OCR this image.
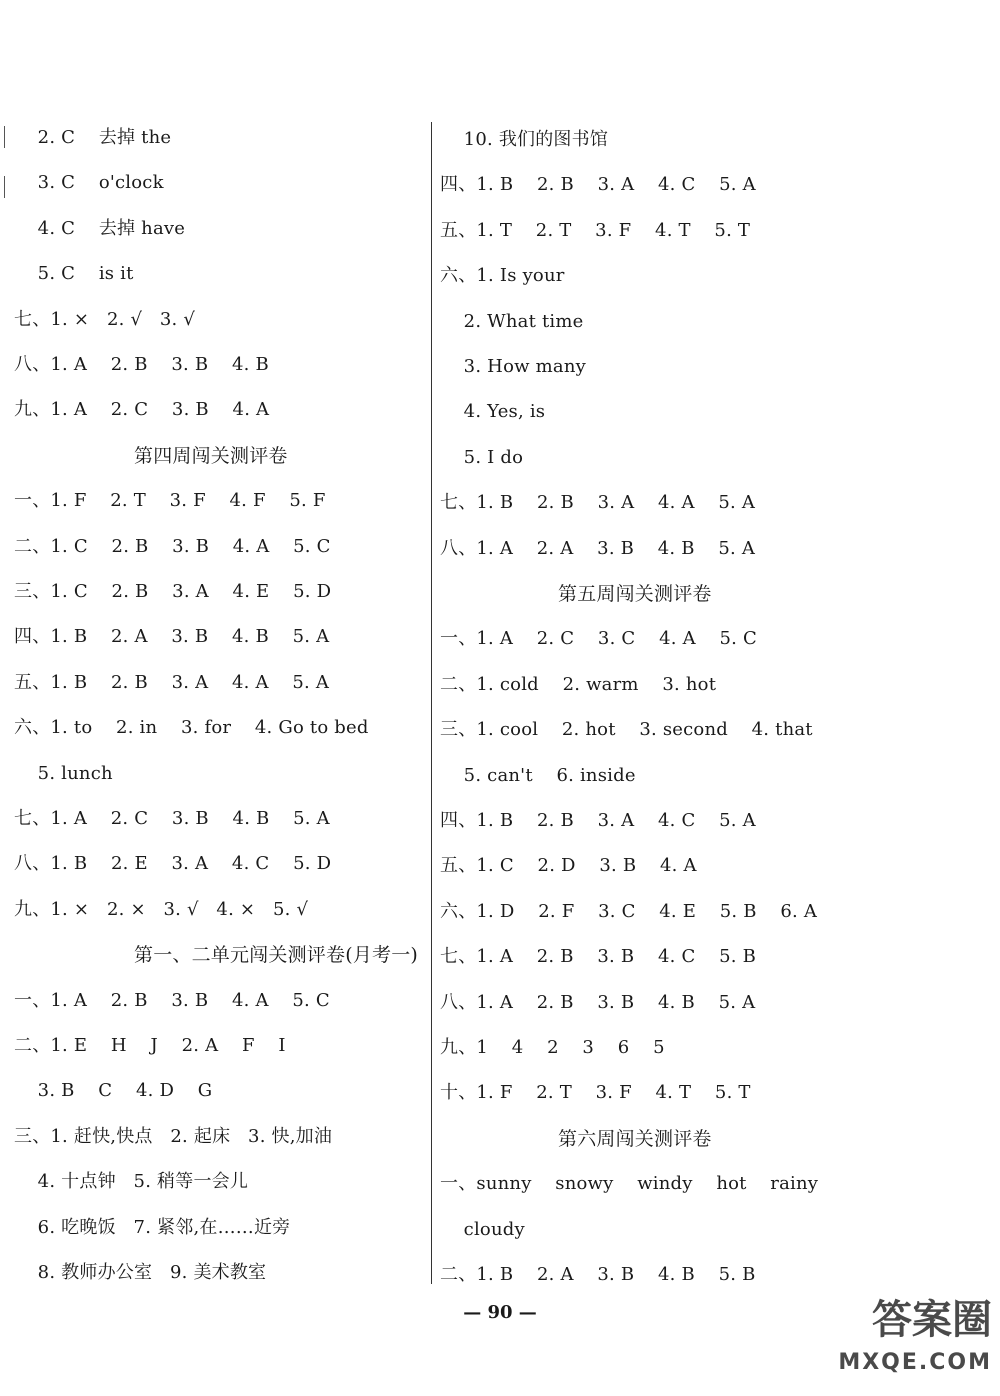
2. C    去掉 the
3. C    o'clock
4. C    去掉 have
5. C    is it
七、1. ×   2. √   3. √
八、1. A    2. B    3. B    4. B
九、1. A    2. C    3. B    4. A
第四周闯关测评卷
一、1. F    2. T    3. F    4. F    5. F
二、1. C    2. B    3. B    4. A    5. C
三、1. C    2. B    3. A    4. E    5. D
四、1. B    2. A    3. B    4. B    5. A
五、1. B    2. B    3. A    4. A    5. A
六、1. to    2. in    3. for    4. Go to bed
5. lunch
七、1. A    2. C    3. B    4. B    5. A
八、1. B    2. E    3. A    4. C    5. D
九、1. ×   2. ×   3. √   4. ×   5. √
第一、二单元闯关测评卷(月考一)
一、1. A    2. B    3. B    4. A    5. C
二、1. E    H    J    2. A    F    I
3. B    C    4. D    G
三、1. 赶快,快点   2. 起床   3. 快,加油
4. 十点钟   5. 稍等一会儿
6. 吃晚饭   7. 紧邻,在……近旁
8. 教师办公室   9. 美术教室
10. 我们的图书馆
四、1. B    2. B    3. A    4. C    5. A
五、1. T    2. T    3. F    4. T    5. T
六、1. Is your
2. What time
3. How many
4. Yes, is
5. I do
七、1. B    2. B    3. A    4. A    5. A
八、1. A    2. A    3. B    4. B    5. A
第五周闯关测评卷
一、1. A    2. C    3. C    4. A    5. C
二、1. cold    2. warm    3. hot
三、1. cool    2. hot    3. second    4. that
5. can't    6. inside
四、1. B    2. B    3. A    4. C    5. A
五、1. C    2. D    3. B    4. A
六、1. D    2. F    3. C    4. E    5. B    6. A
七、1. A    2. B    3. B    4. C    5. B
八、1. A    2. B    3. B    4. B    5. A
九、1    4    2    3    6    5
十、1. F    2. T    3. F    4. T    5. T
第六周闯关测评卷
一、sunny    snowy    windy    hot    rainy
cloudy
二、1. B    2. A    3. B    4. B    5. B
— 90 —	答案圈
MXQE.COM
